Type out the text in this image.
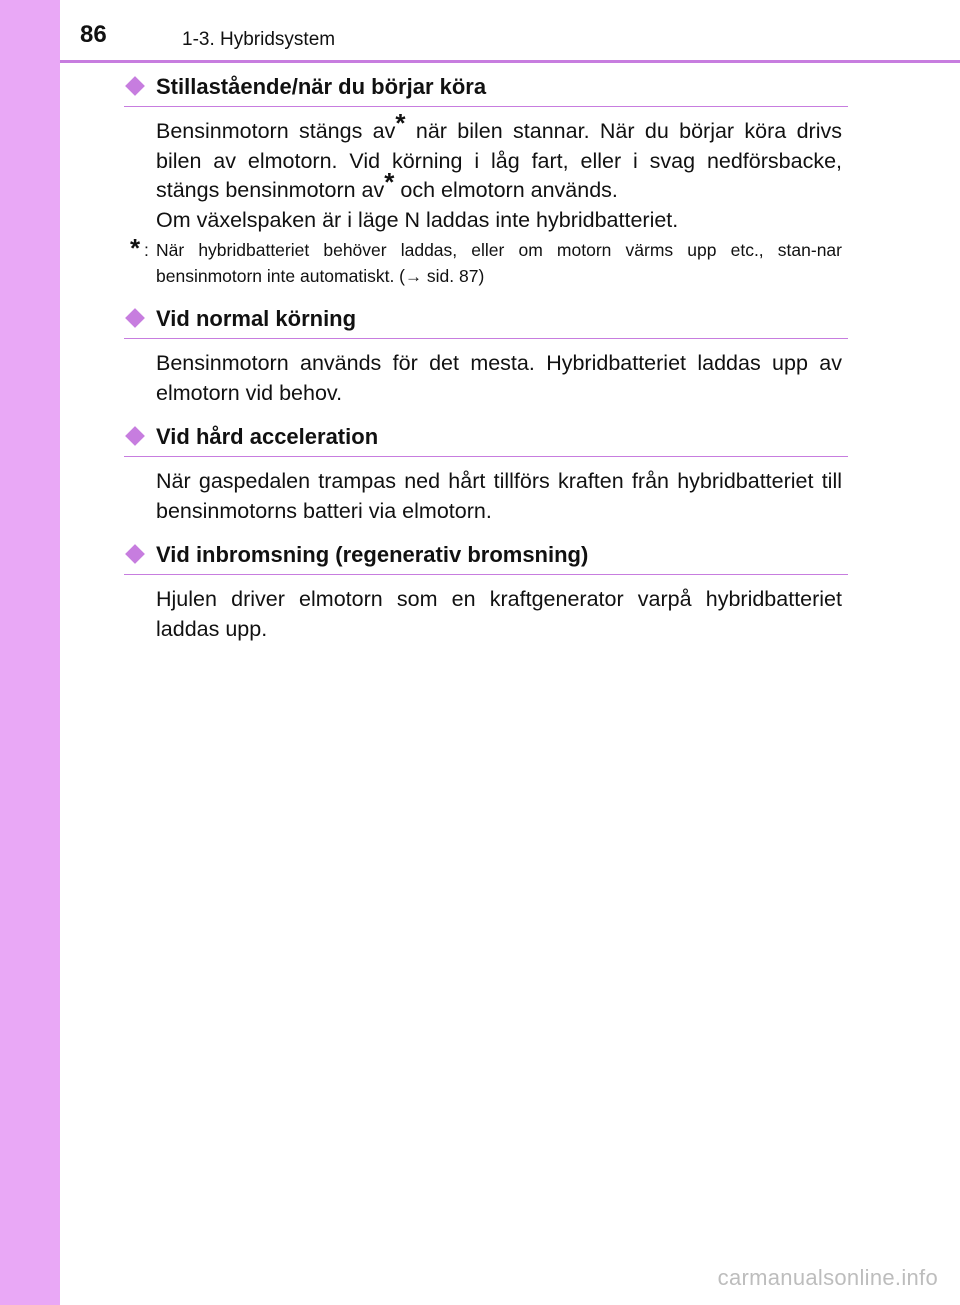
86	1-3. Hybridsystem
Stillastående/när du börjar köra

Bensinmotorn stängs av* när bilen stannar. När du börjar köra drivs bilen av elmotorn. Vid körning i låg fart, eller i svag nedförsbacke, stängs bensinmotorn av* och elmotorn används.

Om växelspaken är i läge N laddas inte hybridbatteriet.

* : När hybridbatteriet behöver laddas, eller om motorn värms upp etc., stan-nar bensinmotorn inte automatiskt. (→ sid. 87)
Vid normal körning
Bensinmotorn används för det mesta. Hybridbatteriet laddas upp av elmotorn vid behov.
Vid hård acceleration
När gaspedalen trampas ned hårt tillförs kraften från hybridbatteriet till bensinmotorns batteri via elmotorn.
Vid inbromsning (regenerativ bromsning)
Hjulen driver elmotorn som en kraftgenerator varpå hybridbatteriet laddas upp.
carmanualsonline.info
